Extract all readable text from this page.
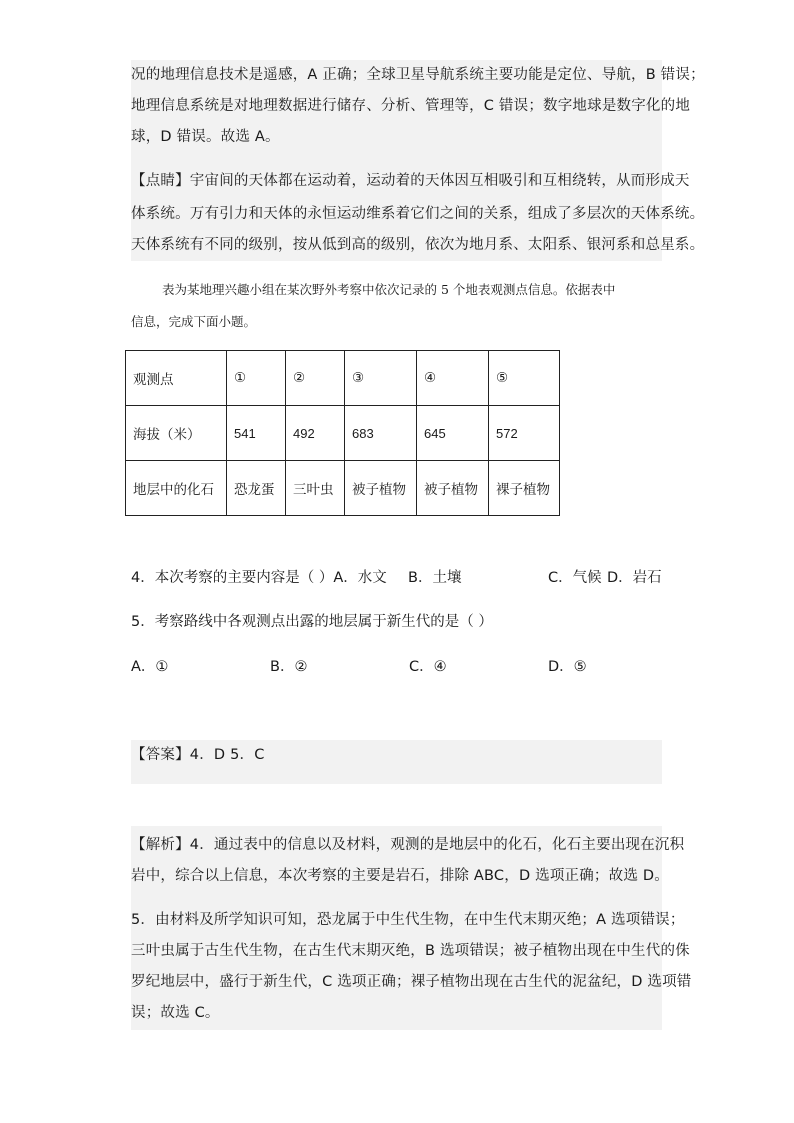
况的地理信息技术是遥感，A 正确；全球卫星导航系统主要功能是定位、导航，B 错误；
地理信息系统是对地理数据进行储存、分析、管理等，C 错误；数字地球是数字化的地
球，D 错误。故选 A。
【点睛】宇宙间的天体都在运动着，运动着的天体因互相吸引和互相绕转，从而形成天
体系统。万有引力和天体的永恒运动维系着它们之间的关系，组成了多层次的天体系统。
天体系统有不同的级别，按从低到高的级别，依次为地月系、太阳系、银河系和总星系。
表为某地理兴趣小组在某次野外考察中依次记录的 5 个地表观测点信息。依据表中
信息，完成下面小题。
观测点	①	②	③	④	⑤
海拔（米）	541	492	683	645	572
地层中的化石	恐龙蛋	三叶虫	被子植物	被子植物	裸子植物
4．本次考察的主要内容是（ ）A．水文 B．土壤	C．气候 D．岩石
5．考察路线中各观测点出露的地层属于新生代的是（ ）
A．①	B．②	C．④	D．⑤
【答案】4．D 5．C
【解析】4．通过表中的信息以及材料，观测的是地层中的化石，化石主要出现在沉积
岩中，综合以上信息，本次考察的主要是岩石，排除 ABC，D 选项正确；故选 D。
5．由材料及所学知识可知，恐龙属于中生代生物，在中生代末期灭绝；A 选项错误；
三叶虫属于古生代生物，在古生代末期灭绝，B 选项错误；被子植物出现在中生代的侏
罗纪地层中，盛行于新生代，C 选项正确；裸子植物出现在古生代的泥盆纪，D 选项错
误；故选 C。
